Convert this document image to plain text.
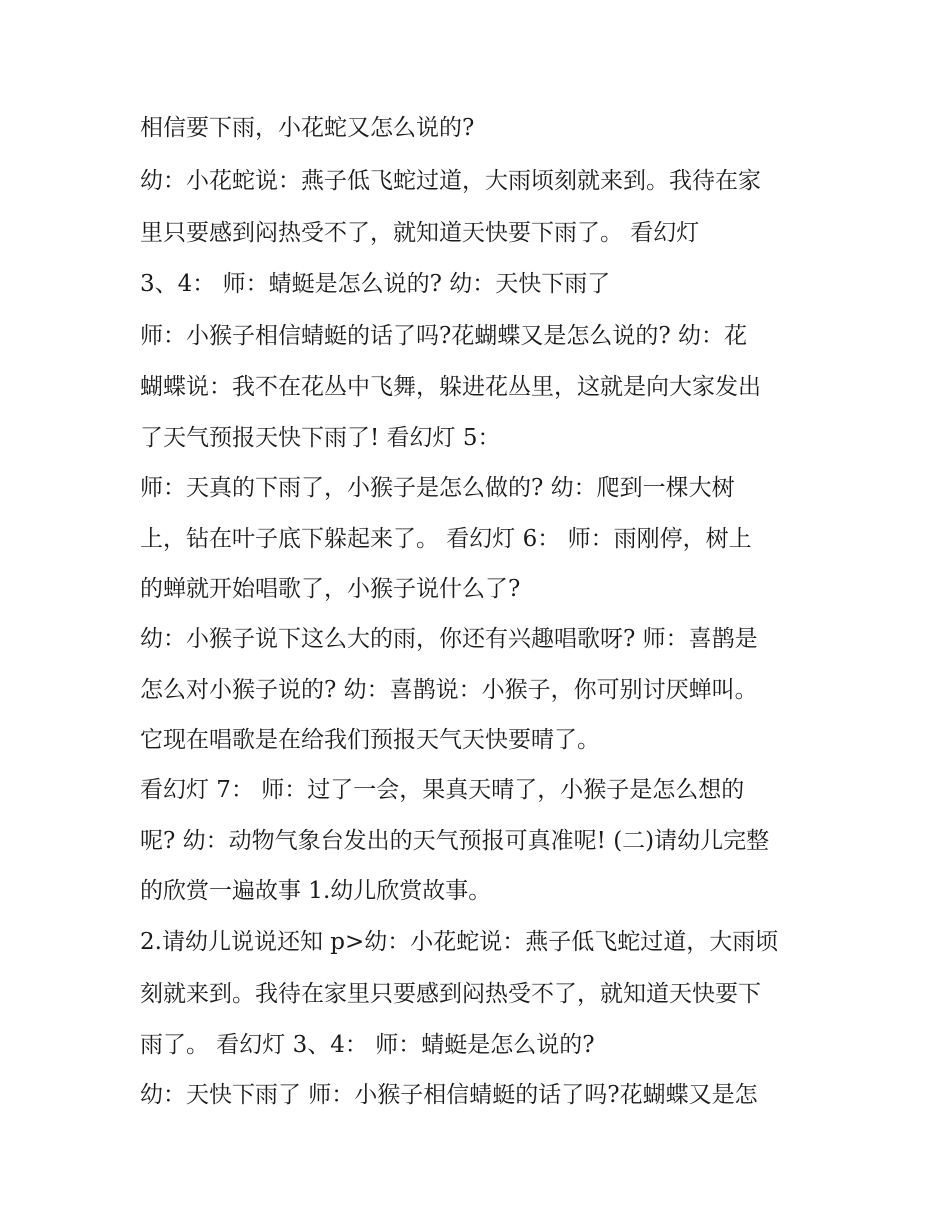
相信要下雨，小花蛇又怎么说的?
幼：小花蛇说：燕子低飞蛇过道，大雨顷刻就来到。我待在家
里只要感到闷热受不了，就知道天快要下雨了。 看幻灯
3、4： 师：蜻蜓是怎么说的? 幼：天快下雨了
师：小猴子相信蜻蜓的话了吗?花蝴蝶又是怎么说的? 幼：花
蝴蝶说：我不在花丛中飞舞，躲进花丛里，这就是向大家发出
了天气预报天快下雨了! 看幻灯 5：
师：天真的下雨了，小猴子是怎么做的? 幼：爬到一棵大树
上，钻在叶子底下躲起来了。 看幻灯 6： 师：雨刚停，树上
的蝉就开始唱歌了，小猴子说什么了?
幼：小猴子说下这么大的雨，你还有兴趣唱歌呀? 师：喜鹊是
怎么对小猴子说的? 幼：喜鹊说：小猴子，你可别讨厌蝉叫。
它现在唱歌是在给我们预报天气天快要晴了。
看幻灯 7： 师：过了一会，果真天晴了，小猴子是怎么想的
呢? 幼：动物气象台发出的天气预报可真准呢! (二)请幼儿完整
的欣赏一遍故事 1.幼儿欣赏故事。
2.请幼儿说说还知 p>幼：小花蛇说：燕子低飞蛇过道，大雨顷
刻就来到。我待在家里只要感到闷热受不了，就知道天快要下
雨了。 看幻灯 3、4： 师：蜻蜓是怎么说的?
幼：天快下雨了 师：小猴子相信蜻蜓的话了吗?花蝴蝶又是怎
